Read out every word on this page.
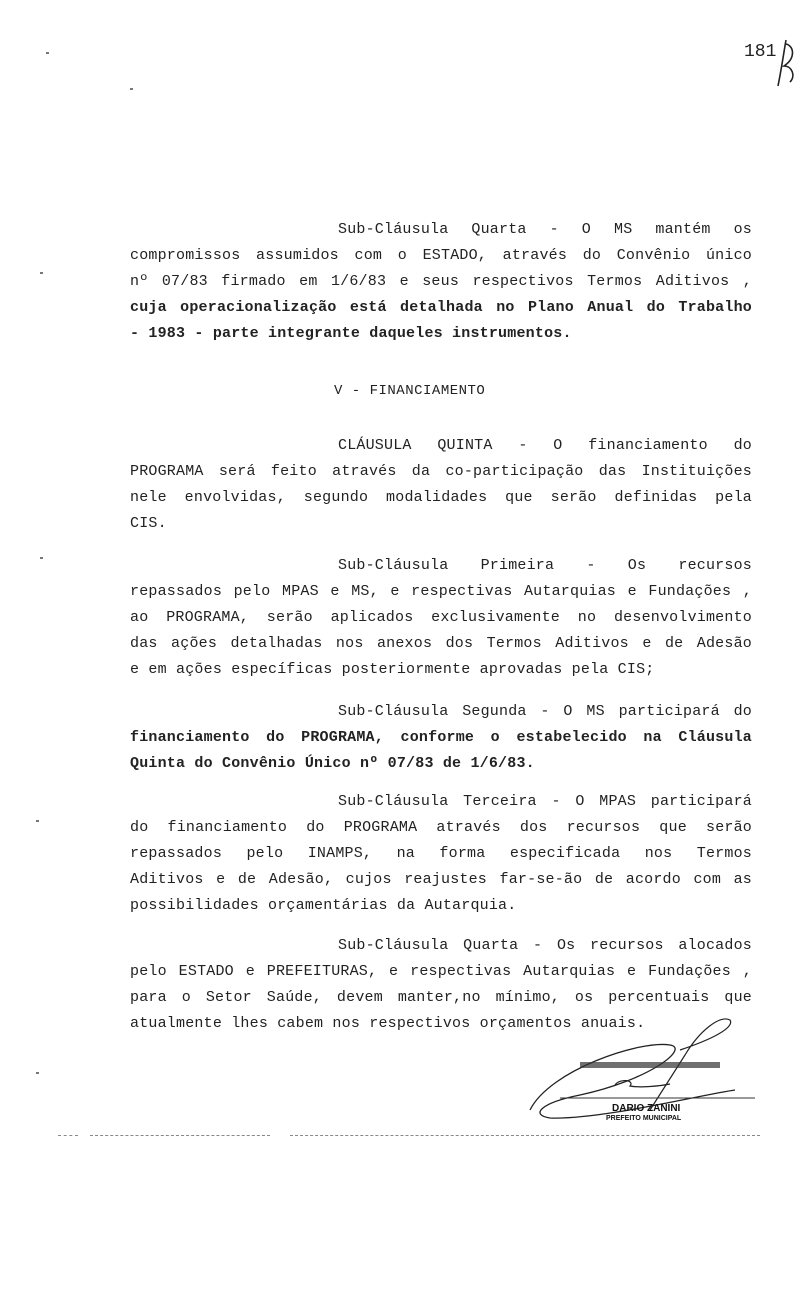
181
Sub-Cláusula Quarta - O MS mantém os
compromissos assumidos com o ESTADO, através do Convênio único
nº 07/83 firmado em 1/6/83 e seus respectivos Termos Aditivos ,
cuja operacionalização está detalhada no Plano Anual do Trabalho
- 1983 - parte integrante daqueles instrumentos.
V - FINANCIAMENTO
CLÁUSULA QUINTA - O financiamento do
PROGRAMA será feito através da co-participação das Instituições
nele envolvidas, segundo modalidades que serão definidas pela
CIS.
Sub-Cláusula Primeira - Os recursos
repassados pelo MPAS e MS, e respectivas Autarquias e Fundações ,
ao PROGRAMA, serão aplicados exclusivamente no desenvolvimento
das ações detalhadas nos anexos dos Termos Aditivos e de Adesão
e em ações específicas posteriormente aprovadas pela CIS;
Sub-Cláusula Segunda - O MS participará do
financiamento do PROGRAMA, conforme o estabelecido na Cláusula
Quinta do Convênio Único nº 07/83 de 1/6/83.
Sub-Cláusula Terceira - O MPAS participará
do financiamento do PROGRAMA através dos recursos que serão
repassados pelo INAMPS, na forma especificada nos Termos
Aditivos e de Adesão, cujos reajustes far-se-ão de acordo com as
possibilidades orçamentárias da Autarquia.
Sub-Cláusula Quarta - Os recursos alocados
pelo ESTADO e PREFEITURAS, e respectivas Autarquias e Fundações ,
para o Setor Saúde, devem manter,no mínimo, os percentuais que
atualmente lhes cabem nos respectivos orçamentos anuais.
DARIO ZANINI
PREFEITO MUNICIPAL
